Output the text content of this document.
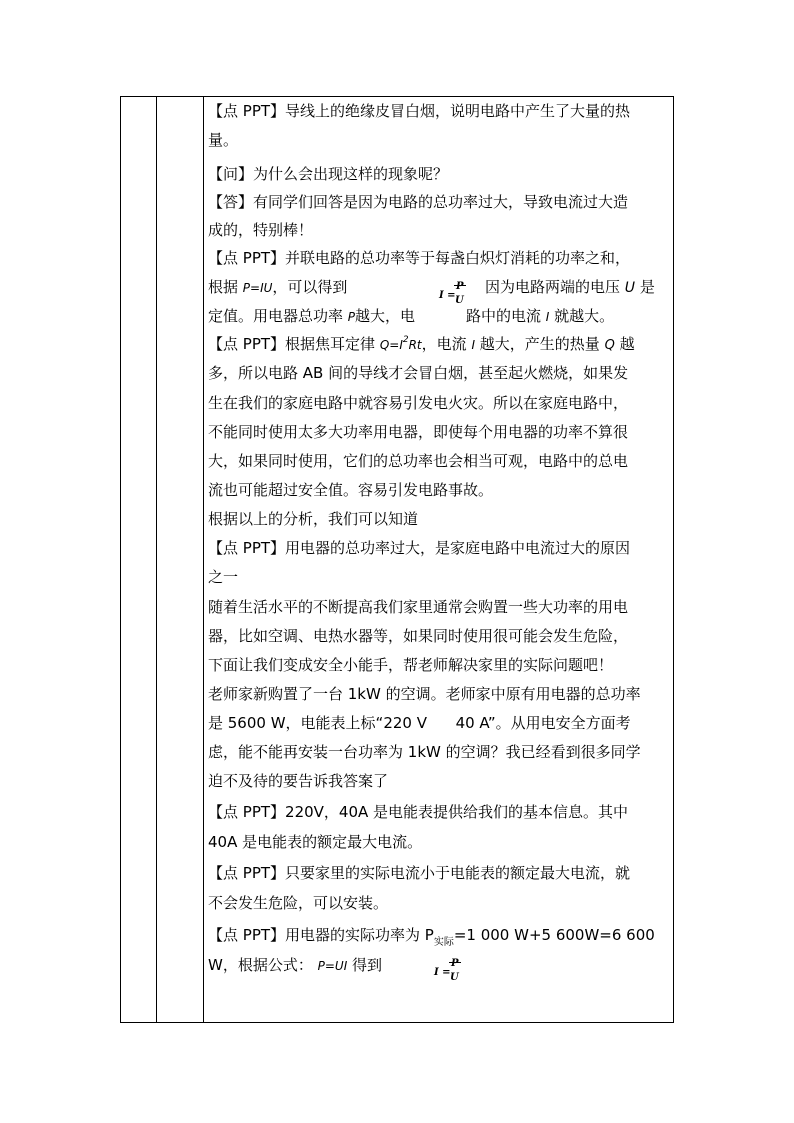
【点 PPT】导线上的绝缘皮冒白烟，说明电路中产生了大量的热
量。
【问】为什么会出现这样的现象呢？
【答】有同学们回答是因为电路的总功率过大，导致电流过大造
成的，特别棒！
【点 PPT】并联电路的总功率等于每盏白炽灯消耗的功率之和，
根据 P=IU，可以得到	I =
P
U
因为电路两端的电压 U 是
定值。用电器总功率 P越大，电	路中的电流 I 就越大。
【点 PPT】根据焦耳定律 $Q=I^2Rt$，电流 I 越大，产生的热量 Q 越
多，所以电路 AB 间的导线才会冒白烟，甚至起火燃烧，如果发
生在我们的家庭电路中就容易引发电火灾。所以在家庭电路中，
不能同时使用太多大功率用电器，即使每个用电器的功率不算很
大，如果同时使用，它们的总功率也会相当可观，电路中的总电
流也可能超过安全值。容易引发电路事故。
根据以上的分析，我们可以知道
【点 PPT】用电器的总功率过大，是家庭电路中电流过大的原因
之一
随着生活水平的不断提高我们家里通常会购置一些大功率的用电
器，比如空调、电热水器等，如果同时使用很可能会发生危险，
下面让我们变成安全小能手，帮老师解决家里的实际问题吧！
老师家新购置了一台 1kW 的空调。老师家中原有用电器的总功率
是 5600 W，电能表上标“220 V      40 A”。从用电安全方面考
虑，能不能再安装一台功率为 1kW 的空调？我已经看到很多同学
迫不及待的要告诉我答案了
【点 PPT】220V，40A 是电能表提供给我们的基本信息。其中
40A 是电能表的额定最大电流。
【点 PPT】只要家里的实际电流小于电能表的额定最大电流，就
不会发生危险，可以安装。
【点 PPT】用电器的实际功率为 $P_{实际}=1$ 000 W+5 600W=6 600
W，根据公式： P=UI 得到	I =
P
U
